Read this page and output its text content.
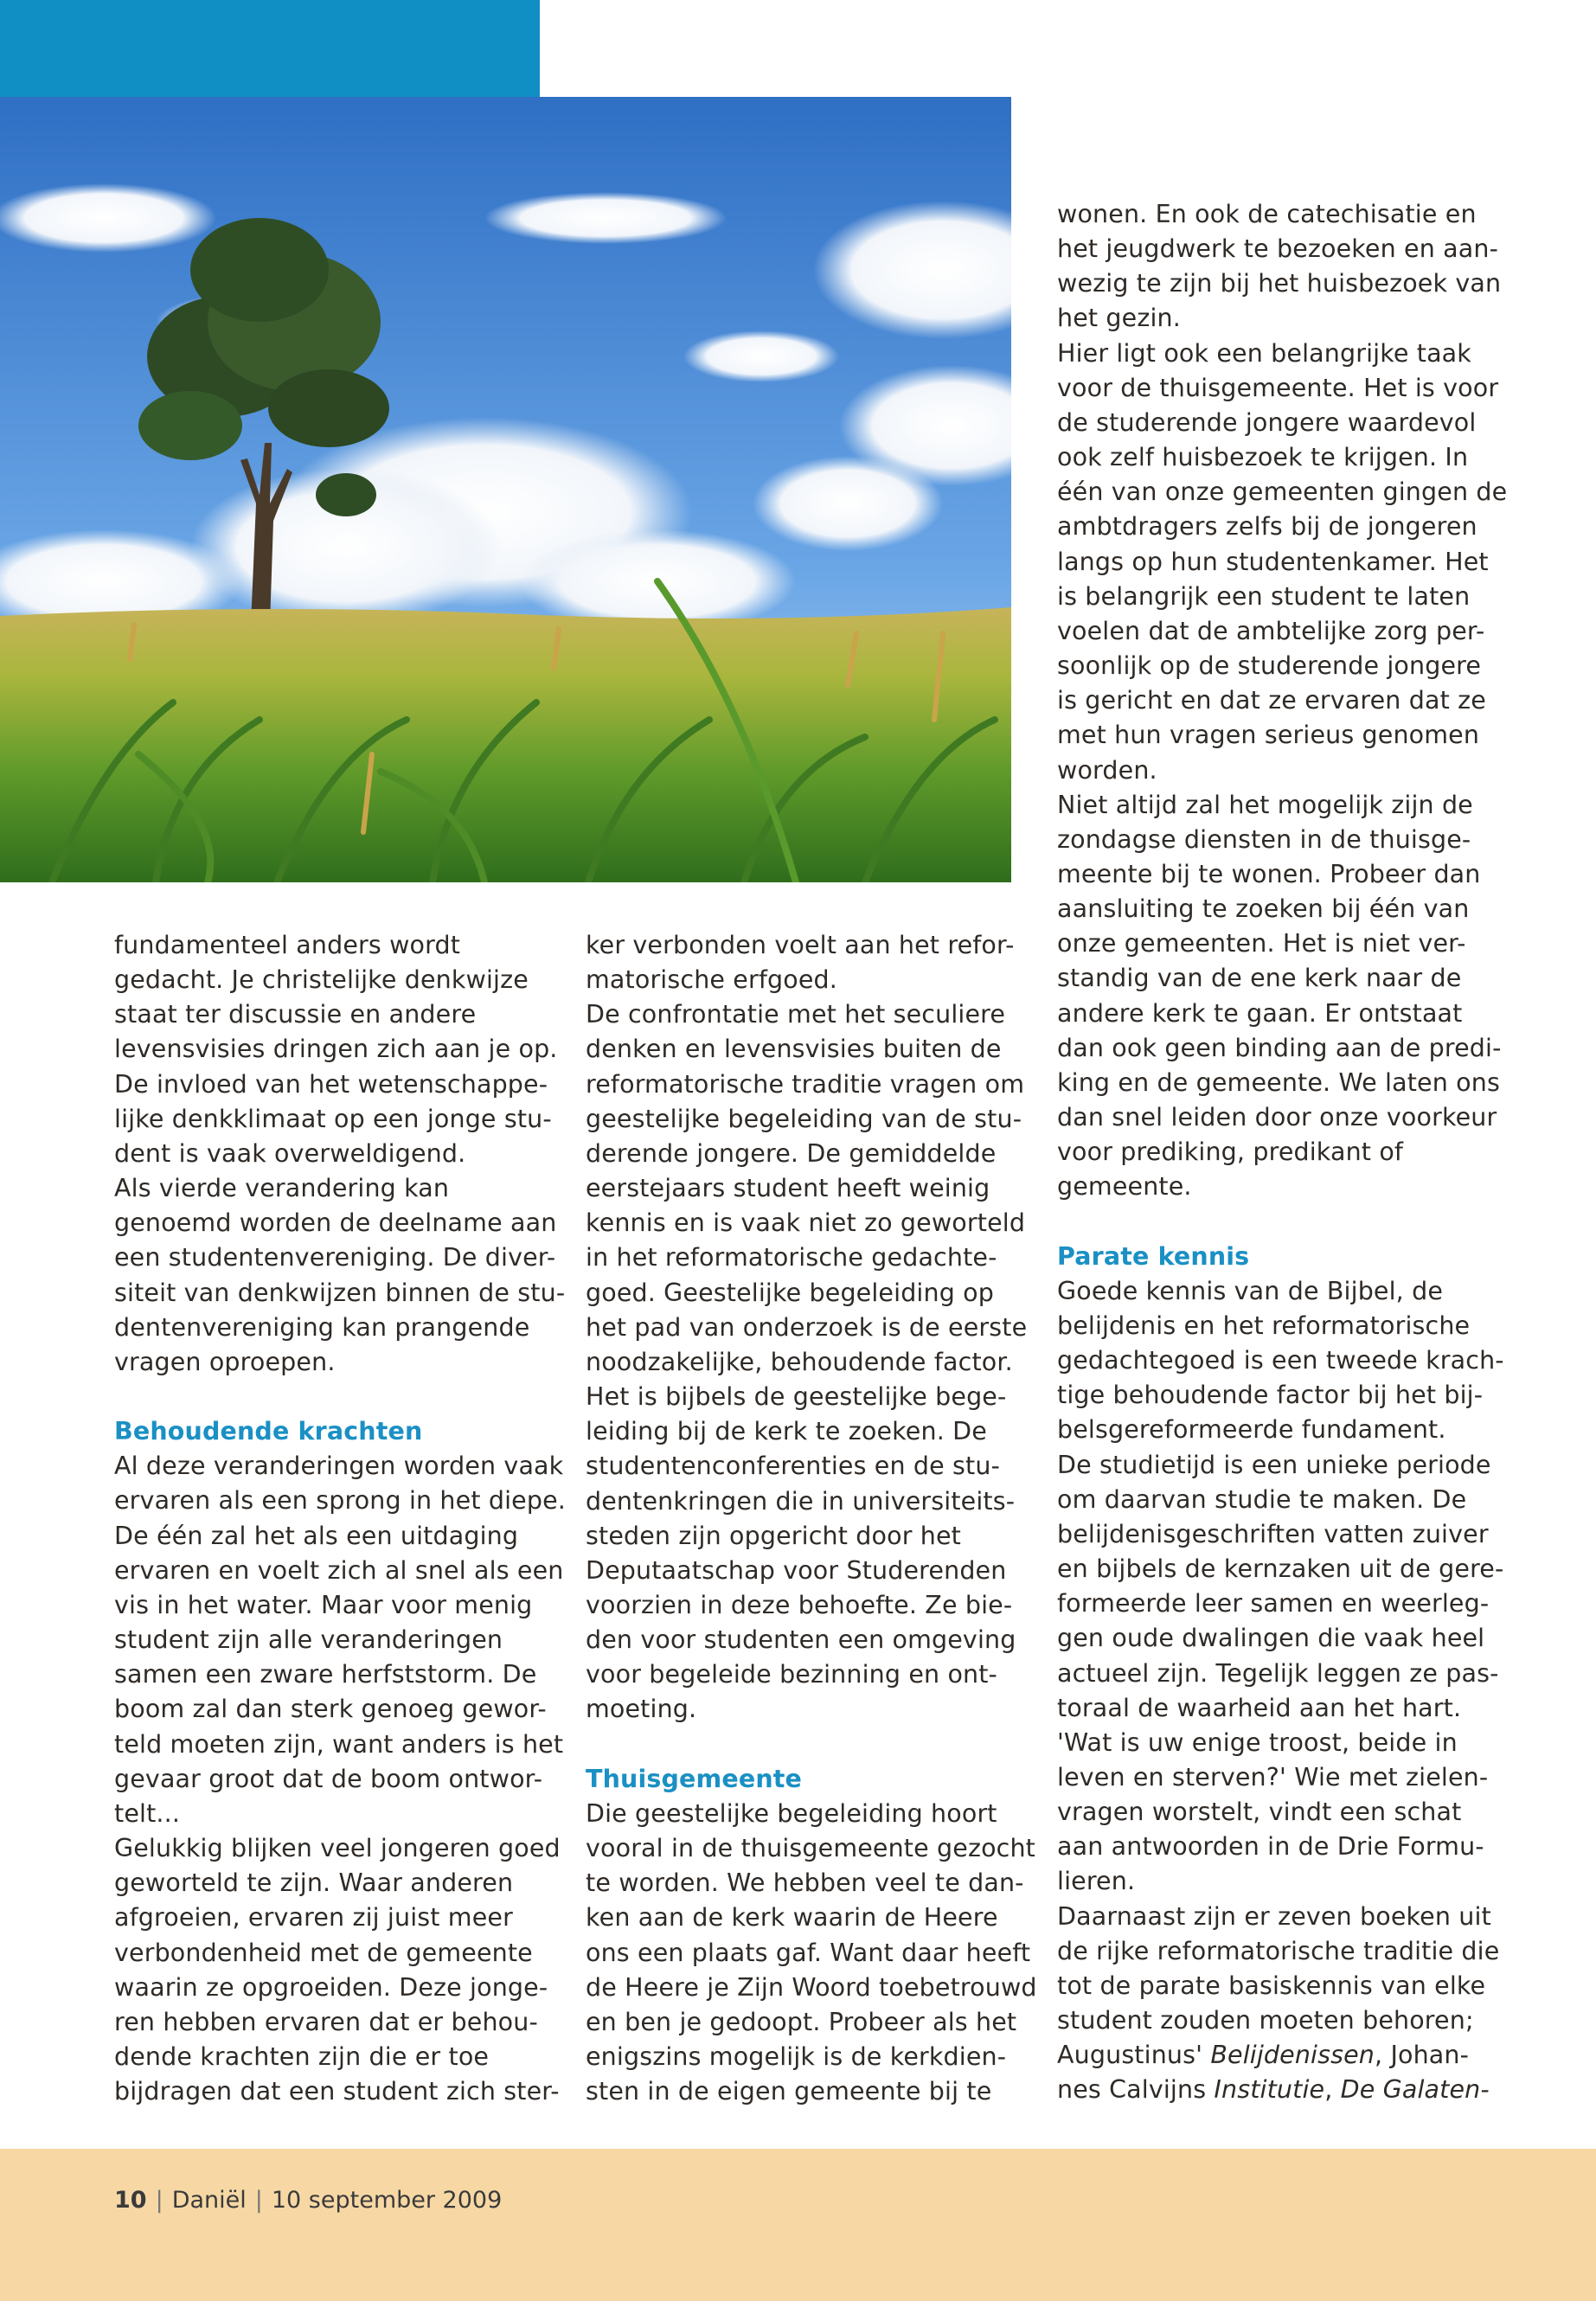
fundamenteel anders wordt
gedacht. Je christelijke denkwijze
staat ter discussie en andere
levensvisies dringen zich aan je op.
De invloed van het wetenschappe-
lijke denkklimaat op een jonge stu-
dent is vaak overweldigend.
Als vierde verandering kan
genoemd worden de deelname aan
een studentenvereniging. De diver-
siteit van denkwijzen binnen de stu-
dentenvereniging kan prangende
vragen oproepen.
Behoudende krachten
Al deze veranderingen worden vaak
ervaren als een sprong in het diepe.
De één zal het als een uitdaging
ervaren en voelt zich al snel als een
vis in het water. Maar voor menig
student zijn alle veranderingen
samen een zware herfststorm. De
boom zal dan sterk genoeg gewor-
teld moeten zijn, want anders is het
gevaar groot dat de boom ontwor-
telt...
Gelukkig blijken veel jongeren goed
geworteld te zijn. Waar anderen
afgroeien, ervaren zij juist meer
verbondenheid met de gemeente
waarin ze opgroeiden. Deze jonge-
ren hebben ervaren dat er behou-
dende krachten zijn die er toe
bijdragen dat een student zich ster-
ker verbonden voelt aan het refor-
matorische erfgoed.
De confrontatie met het seculiere
denken en levensvisies buiten de
reformatorische traditie vragen om
geestelijke begeleiding van de stu-
derende jongere. De gemiddelde
eerstejaars student heeft weinig
kennis en is vaak niet zo geworteld
in het reformatorische gedachte-
goed. Geestelijke begeleiding op
het pad van onderzoek is de eerste
noodzakelijke, behoudende factor.
Het is bijbels de geestelijke bege-
leiding bij de kerk te zoeken. De
studentenconferenties en de stu-
dentenkringen die in universiteits-
steden zijn opgericht door het
Deputaatschap voor Studerenden
voorzien in deze behoefte. Ze bie-
den voor studenten een omgeving
voor begeleide bezinning en ont-
moeting.
Thuisgemeente
Die geestelijke begeleiding hoort
vooral in de thuisgemeente gezocht
te worden. We hebben veel te dan-
ken aan de kerk waarin de Heere
ons een plaats gaf. Want daar heeft
de Heere je Zijn Woord toebetrouwd
en ben je gedoopt. Probeer als het
enigszins mogelijk is de kerkdien-
sten in de eigen gemeente bij te
wonen. En ook de catechisatie en
het jeugdwerk te bezoeken en aan-
wezig te zijn bij het huisbezoek van
het gezin.
Hier ligt ook een belangrijke taak
voor de thuisgemeente. Het is voor
de studerende jongere waardevol
ook zelf huisbezoek te krijgen. In
één van onze gemeenten gingen de
ambtdragers zelfs bij de jongeren
langs op hun studentenkamer. Het
is belangrijk een student te laten
voelen dat de ambtelijke zorg per-
soonlijk op de studerende jongere
is gericht en dat ze ervaren dat ze
met hun vragen serieus genomen
worden.
Niet altijd zal het mogelijk zijn de
zondagse diensten in de thuisge-
meente bij te wonen. Probeer dan
aansluiting te zoeken bij één van
onze gemeenten. Het is niet ver-
standig van de ene kerk naar de
andere kerk te gaan. Er ontstaat
dan ook geen binding aan de predi-
king en de gemeente. We laten ons
dan snel leiden door onze voorkeur
voor prediking, predikant of
gemeente.
Parate kennis
Goede kennis van de Bijbel, de
belijdenis en het reformatorische
gedachtegoed is een tweede krach-
tige behoudende factor bij het bij-
belsgereformeerde fundament.
De studietijd is een unieke periode
om daarvan studie te maken. De
belijdenisgeschriften vatten zuiver
en bijbels de kernzaken uit de gere-
formeerde leer samen en weerleg-
gen oude dwalingen die vaak heel
actueel zijn. Tegelijk leggen ze pas-
toraal de waarheid aan het hart.
'Wat is uw enige troost, beide in
leven en sterven?' Wie met zielen-
vragen worstelt, vindt een schat
aan antwoorden in de Drie Formu-
lieren.
Daarnaast zijn er zeven boeken uit
de rijke reformatorische traditie die
tot de parate basiskennis van elke
student zouden moeten behoren;
Augustinus' Belijdenissen, Johan-
nes Calvijns Institutie, De Galaten-
10 | Daniël | 10 september 2009
